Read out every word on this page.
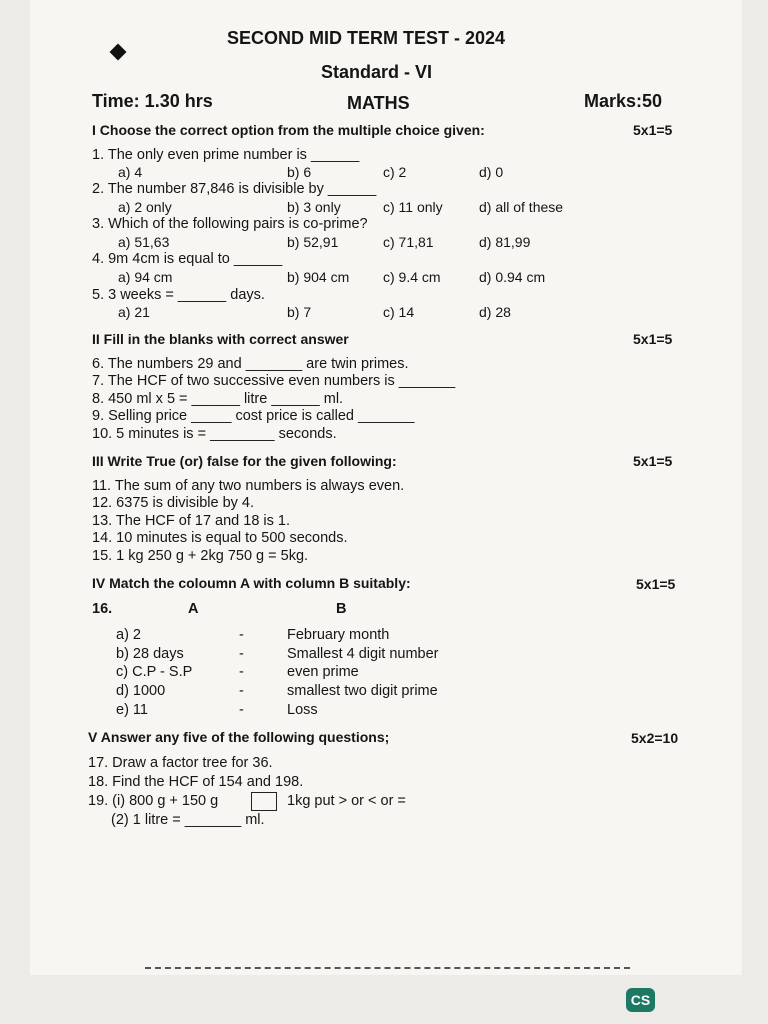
SECOND MID TERM TEST - 2024
Standard - VI
Time: 1.30 hrs	MATHS	Marks:50
I Choose the correct option from the multiple choice given:	5x1=5
1. The only even prime number is ______
a) 4	b) 6	c) 2	d) 0
2. The number 87,846 is divisible by ______
a) 2 only	b) 3 only	c) 11 only	d) all of these
3. Which of the following pairs is co-prime?
a) 51,63	b) 52,91	c) 71,81	d) 81,99
4. 9m 4cm is equal to ______
a) 94 cm	b) 904 cm c) 9.4 cm	d) 0.94 cm
5. 3 weeks = ______ days.
a) 21	b) 7	c) 14	d) 28
II Fill in the blanks with correct answer	5x1=5
6. The numbers 29 and _______ are twin primes.
7. The HCF of two successive even numbers is _______
8. 450 ml x 5 = ______ litre ______ ml.
9. Selling price _____ cost price is called _______
10. 5 minutes is = ________ seconds.
III Write True (or) false for the given following:	5x1=5
11. The sum of any two numbers is always even.
12. 6375 is divisible by 4.
13. The HCF of 17 and 18 is 1.
14. 10 minutes is equal to 500 seconds.
15. 1 kg 250 g + 2kg 750 g = 5kg.
IV Match the coloumn A with column B suitably:	5x1=5
16.	A	B
a) 2	-	February month
b) 28 days	-	Smallest 4 digit number
c) C.P - S.P	-	even prime
d) 1000	-	smallest two digit prime
e) 11	-	Loss
V Answer any five of the following questions;	5x2=10
17. Draw a factor tree for 36.
18. Find the HCF of 154 and 198.
19. (i) 800 g + 150 g	1kg put > or < or =
(2) 1 litre = _______ ml.
CS
